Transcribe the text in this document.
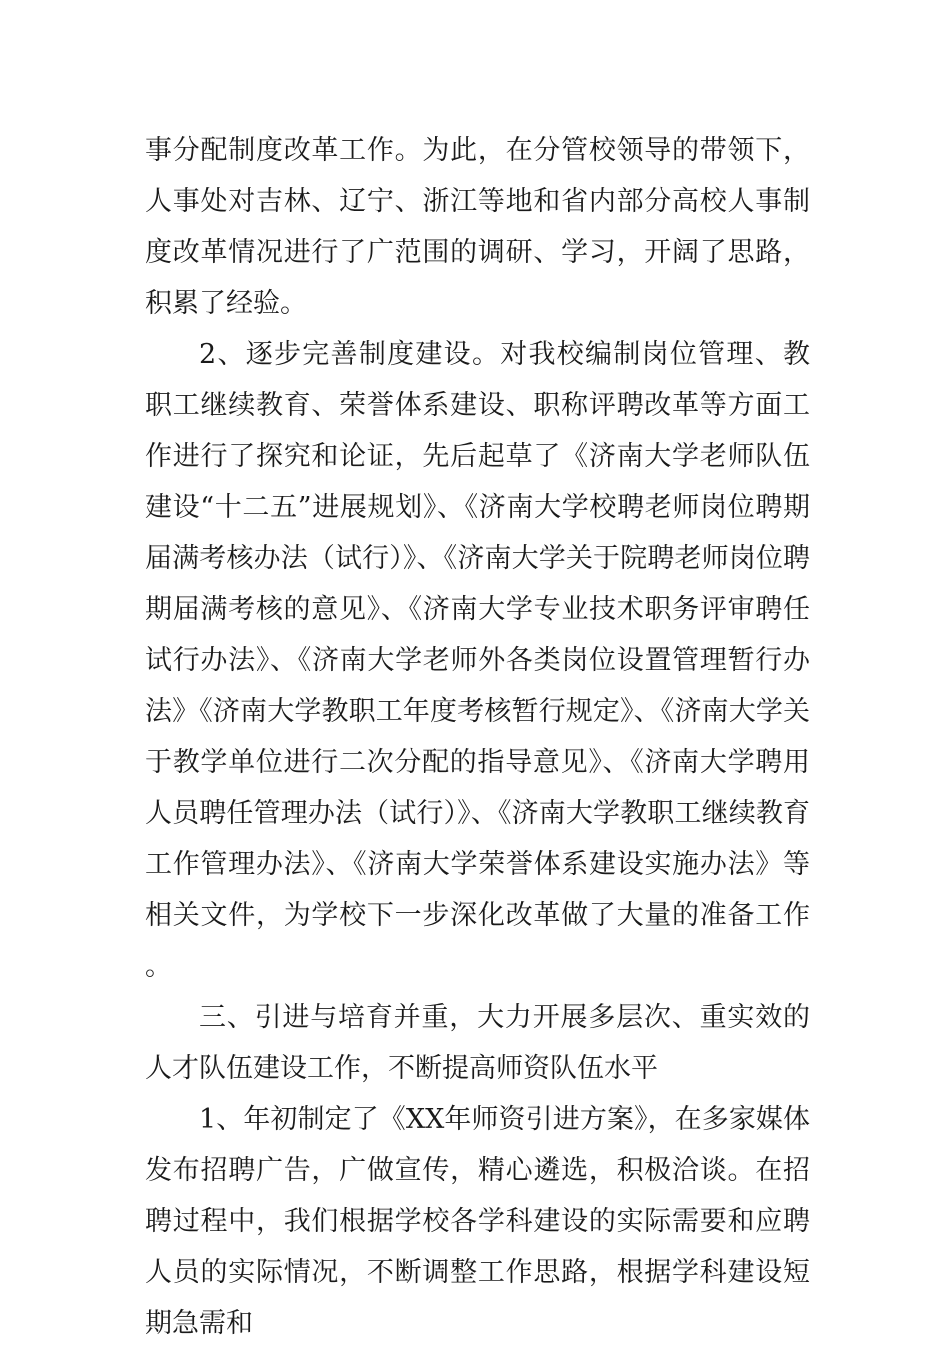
事分配制度改革工作。为此，在分管校领导的带领下，人事处对吉林、辽宁、浙江等地和省内部分高校人事制度改革情况进行了广范围的调研、学习，开阔了思路，积累了经验。

2、逐步完善制度建设。对我校编制岗位管理、教职工继续教育、荣誉体系建设、职称评聘改革等方面工作进行了探究和论证，先后起草了《济南大学老师队伍建设“十二五”进展规划》、《济南大学校聘老师岗位聘期届满考核办法（试行）》、《济南大学关于院聘老师岗位聘期届满考核的意见》、《济南大学专业技术职务评审聘任试行办法》、《济南大学老师外各类岗位设置管理暂行办法》《济南大学教职工年度考核暂行规定》、《济南大学关于教学单位进行二次分配的指导意见》、《济南大学聘用人员聘任管理办法（试行）》、《济南大学教职工继续教育工作管理办法》、《济南大学荣誉体系建设实施办法》等相关文件，为学校下一步深化改革做了大量的准备工作。

三、引进与培育并重，大力开展多层次、重实效的人才队伍建设工作，不断提高师资队伍水平

1、年初制定了《XX年师资引进方案》，在多家媒体发布招聘广告，广做宣传，精心遴选，积极洽谈。在招聘过程中，我们根据学校各学科建设的实际需要和应聘人员的实际情况，不断调整工作思路，根据学科建设短期急需和
